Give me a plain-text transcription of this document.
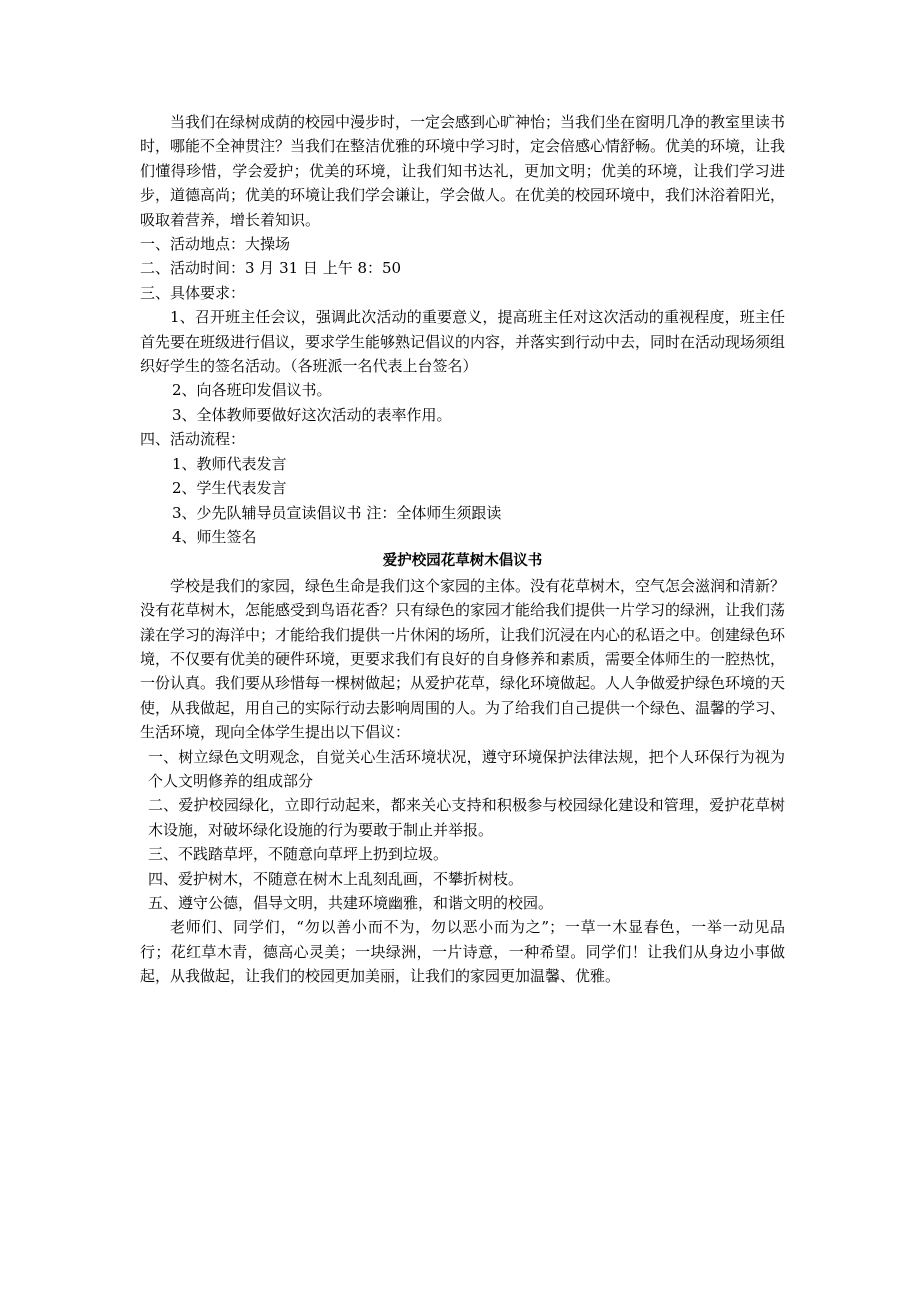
当我们在绿树成荫的校园中漫步时，一定会感到心旷神怡；当我们坐在窗明几净的教室里读书时，哪能不全神贯注？当我们在整洁优雅的环境中学习时，定会倍感心情舒畅。优美的环境，让我们懂得珍惜，学会爱护；优美的环境，让我们知书达礼，更加文明；优美的环境，让我们学习进步，道德高尚；优美的环境让我们学会谦让，学会做人。在优美的校园环境中，我们沐浴着阳光，吸取着营养，增长着知识。

一、活动地点：大操场

二、活动时间：3 月 31 日 上午 8：50

三、具体要求：

1、召开班主任会议，强调此次活动的重要意义，提高班主任对这次活动的重视程度，班主任首先要在班级进行倡议，要求学生能够熟记倡议的内容，并落实到行动中去，同时在活动现场须组织好学生的签名活动。（各班派一名代表上台签名）

2、向各班印发倡议书。

3、全体教师要做好这次活动的表率作用。

四、活动流程：

1、教师代表发言

2、学生代表发言

3、少先队辅导员宣读倡议书 注：全体师生须跟读

4、师生签名

爱护校园花草树木倡议书

学校是我们的家园，绿色生命是我们这个家园的主体。没有花草树木，空气怎会滋润和清新？没有花草树木，怎能感受到鸟语花香？只有绿色的家园才能给我们提供一片学习的绿洲，让我们荡漾在学习的海洋中；才能给我们提供一片休闲的场所，让我们沉浸在内心的私语之中。创建绿色环境，不仅要有优美的硬件环境，更要求我们有良好的自身修养和素质，需要全体师生的一腔热忱，一份认真。我们要从珍惜每一棵树做起；从爱护花草，绿化环境做起。人人争做爱护绿色环境的天使，从我做起，用自己的实际行动去影响周围的人。为了给我们自己提供一个绿色、温馨的学习、生活环境，现向全体学生提出以下倡议：

一、树立绿色文明观念，自觉关心生活环境状况，遵守环境保护法律法规，把个人环保行为视为个人文明修养的组成部分

二、爱护校园绿化，立即行动起来，都来关心支持和积极参与校园绿化建设和管理，爱护花草树木设施，对破坏绿化设施的行为要敢于制止并举报。

三、不践踏草坪，不随意向草坪上扔到垃圾。

四、爱护树木，不随意在树木上乱刻乱画，不攀折树枝。

五、遵守公德，倡导文明，共建环境幽雅，和谐文明的校园。

老师们、同学们，“勿以善小而不为，勿以恶小而为之”；一草一木显春色，一举一动见品行；花红草木青，德高心灵美；一块绿洲，一片诗意，一种希望。同学们！让我们从身边小事做起，从我做起，让我们的校园更加美丽，让我们的家园更加温馨、优雅。
